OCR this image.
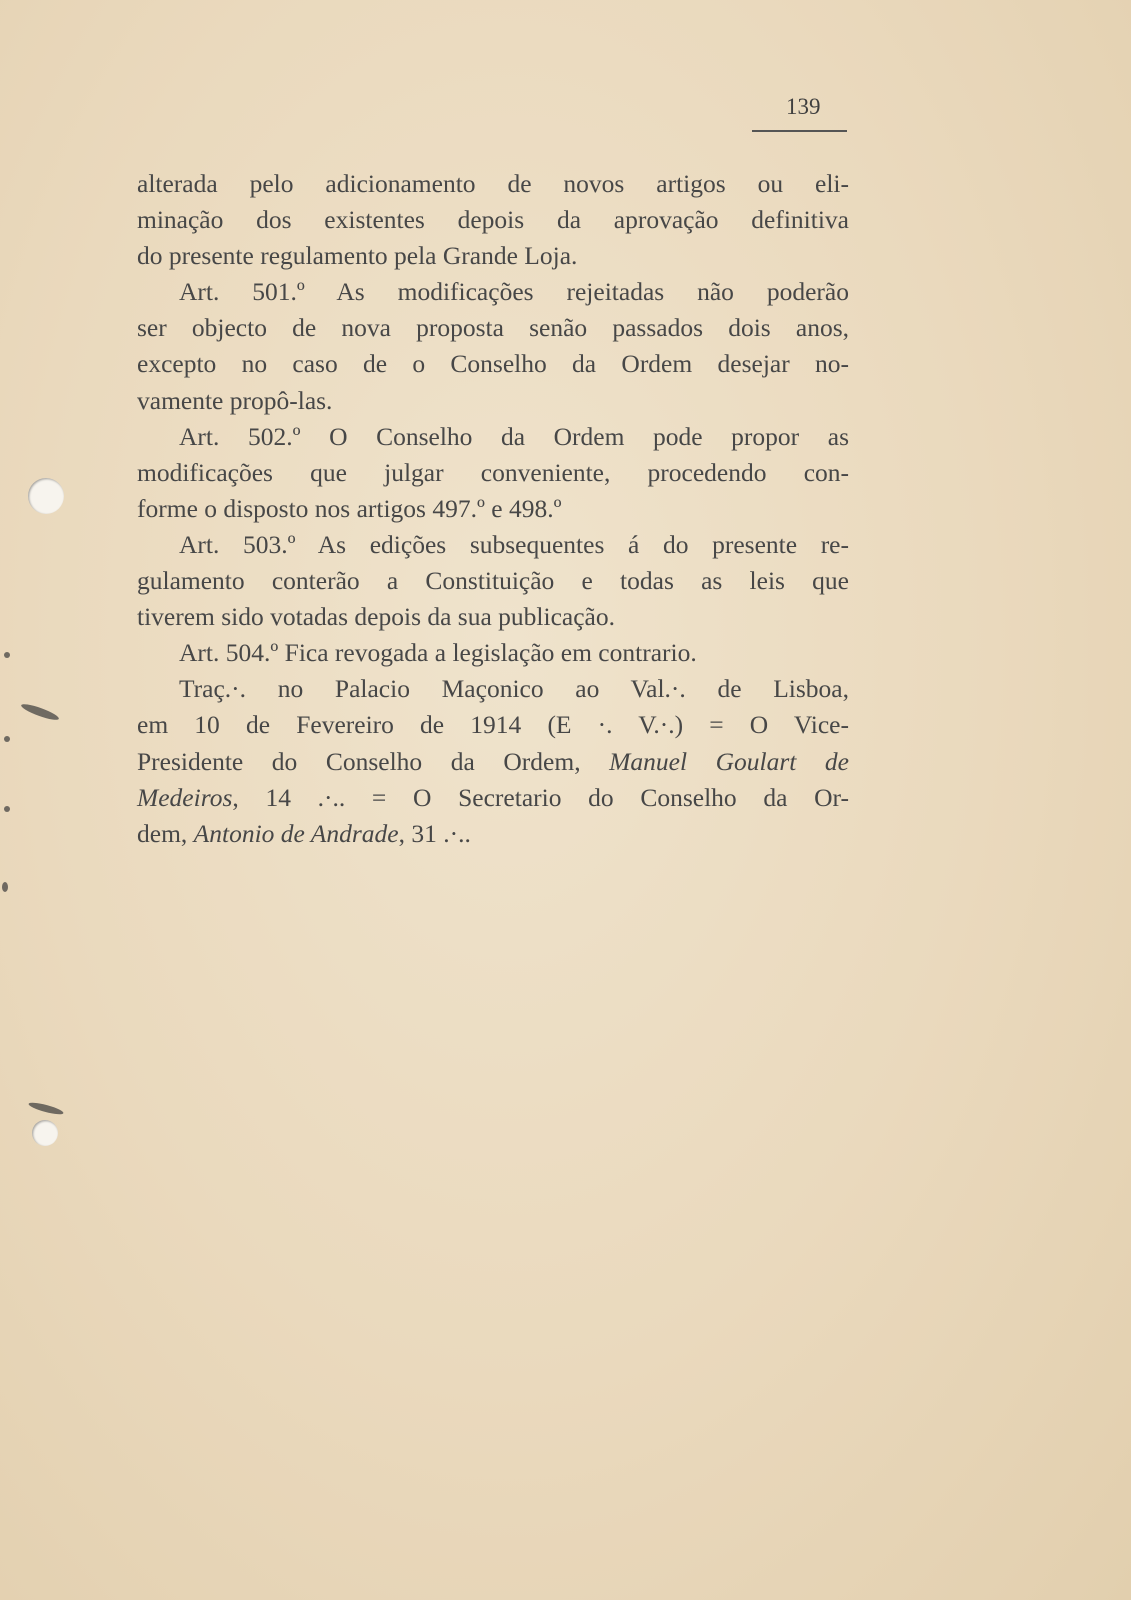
139
alterada pelo adicionamento de novos artigos ou eli-
minação dos existentes depois da aprovação definitiva
do presente regulamento pela Grande Loja.
Art. 501.º As modificações rejeitadas não poderão
ser objecto de nova proposta senão passados dois anos,
excepto no caso de o Conselho da Ordem desejar no-
vamente propô-las.
Art. 502.º O Conselho da Ordem pode propor as
modificações que julgar conveniente, procedendo con-
forme o disposto nos artigos 497.º e 498.º
Art. 503.º As edições subsequentes á do presente re-
gulamento conterão a Constituição e todas as leis que
tiverem sido votadas depois da sua publicação.
Art. 504.º Fica revogada a legislação em contrario.
Traç.·. no Palacio Maçonico ao Val.·. de Lisboa,
em 10 de Fevereiro de 1914 (E ·. V.·.) = O Vice-
Presidente do Conselho da Ordem, Manuel Goulart de
Medeiros, 14 .·.. = O Secretario do Conselho da Or-
dem, Antonio de Andrade, 31 .·..
